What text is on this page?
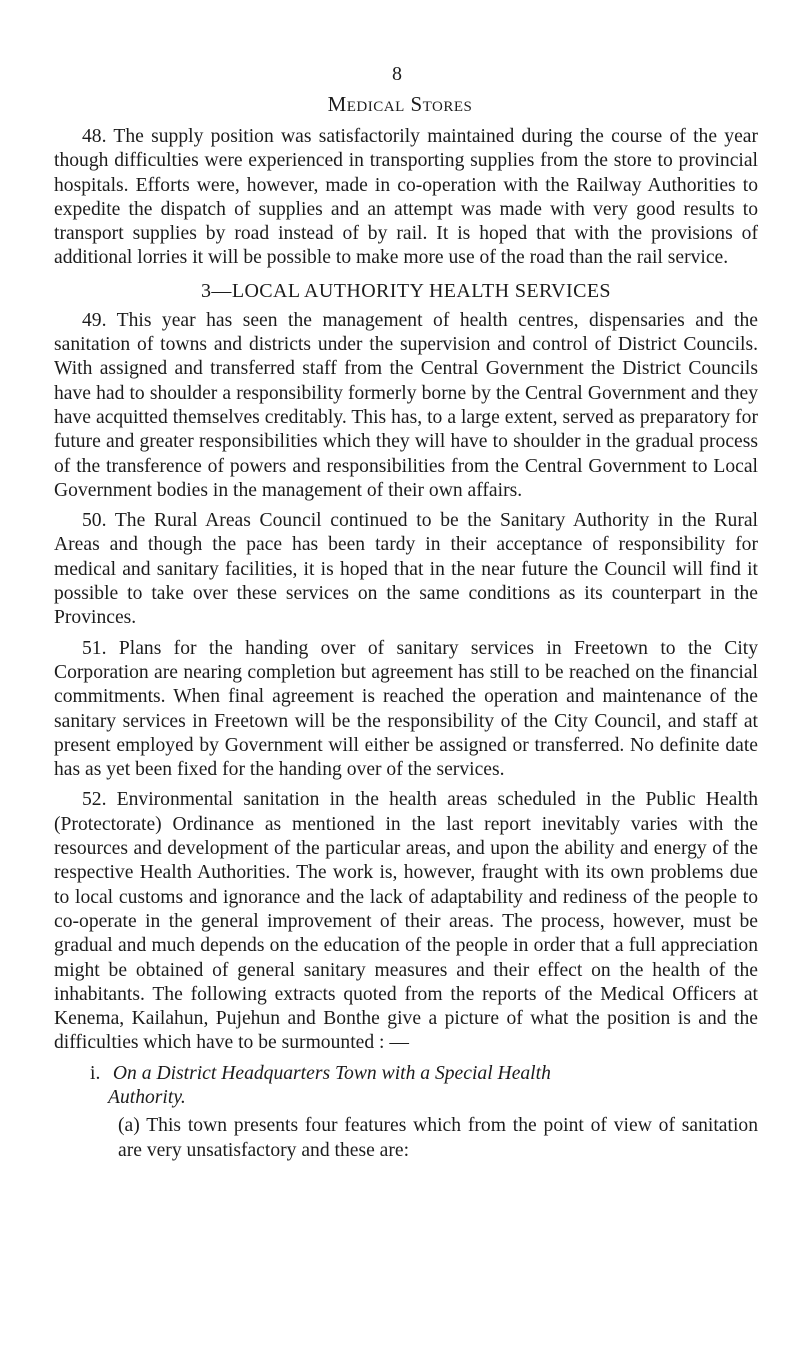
8
Medical Stores

48. The supply position was satisfactorily maintained during the course of the year though difficulties were experienced in transporting supplies from the store to provincial hospitals. Efforts were, however, made in co-operation with the Railway Authorities to expedite the dispatch of supplies and an attempt was made with very good results to transport supplies by road instead of by rail. It is hoped that with the provisions of additional lorries it will be possible to make more use of the road than the rail service.

3—LOCAL AUTHORITY HEALTH SERVICES

49. This year has seen the management of health centres, dispensaries and the sanitation of towns and districts under the supervision and control of District Councils. With assigned and transferred staff from the Central Government the District Councils have had to shoulder a responsibility formerly borne by the Central Government and they have acquitted themselves creditably. This has, to a large extent, served as preparatory for future and greater responsibilities which they will have to shoulder in the gradual process of the transference of powers and responsibilities from the Central Government to Local Government bodies in the management of their own affairs.

50. The Rural Areas Council continued to be the Sanitary Authority in the Rural Areas and though the pace has been tardy in their acceptance of responsibility for medical and sanitary facilities, it is hoped that in the near future the Council will find it possible to take over these services on the same conditions as its counterpart in the Provinces.

51. Plans for the handing over of sanitary services in Freetown to the City Corporation are nearing completion but agreement has still to be reached on the financial commitments. When final agreement is reached the operation and maintenance of the sanitary services in Freetown will be the responsibility of the City Council, and staff at present employed by Government will either be assigned or transferred. No definite date has as yet been fixed for the handing over of the services.

52. Environmental sanitation in the health areas scheduled in the Public Health (Protectorate) Ordinance as mentioned in the last report inevitably varies with the resources and development of the particular areas, and upon the ability and energy of the respective Health Authorities. The work is, however, fraught with its own problems due to local customs and ignorance and the lack of adaptability and rediness of the people to co-operate in the general improvement of their areas. The process, however, must be gradual and much depends on the education of the people in order that a full appreciation might be obtained of general sanitary measures and their effect on the health of the inhabitants. The following extracts quoted from the reports of the Medical Officers at Kenema, Kailahun, Pujehun and Bonthe give a picture of what the position is and the difficulties which have to be surmounted : —

i. On a District Headquarters Town with a Special Health
Authority.
(a) This town presents four features which from the point of view of sanitation are very unsatisfactory and these are:
